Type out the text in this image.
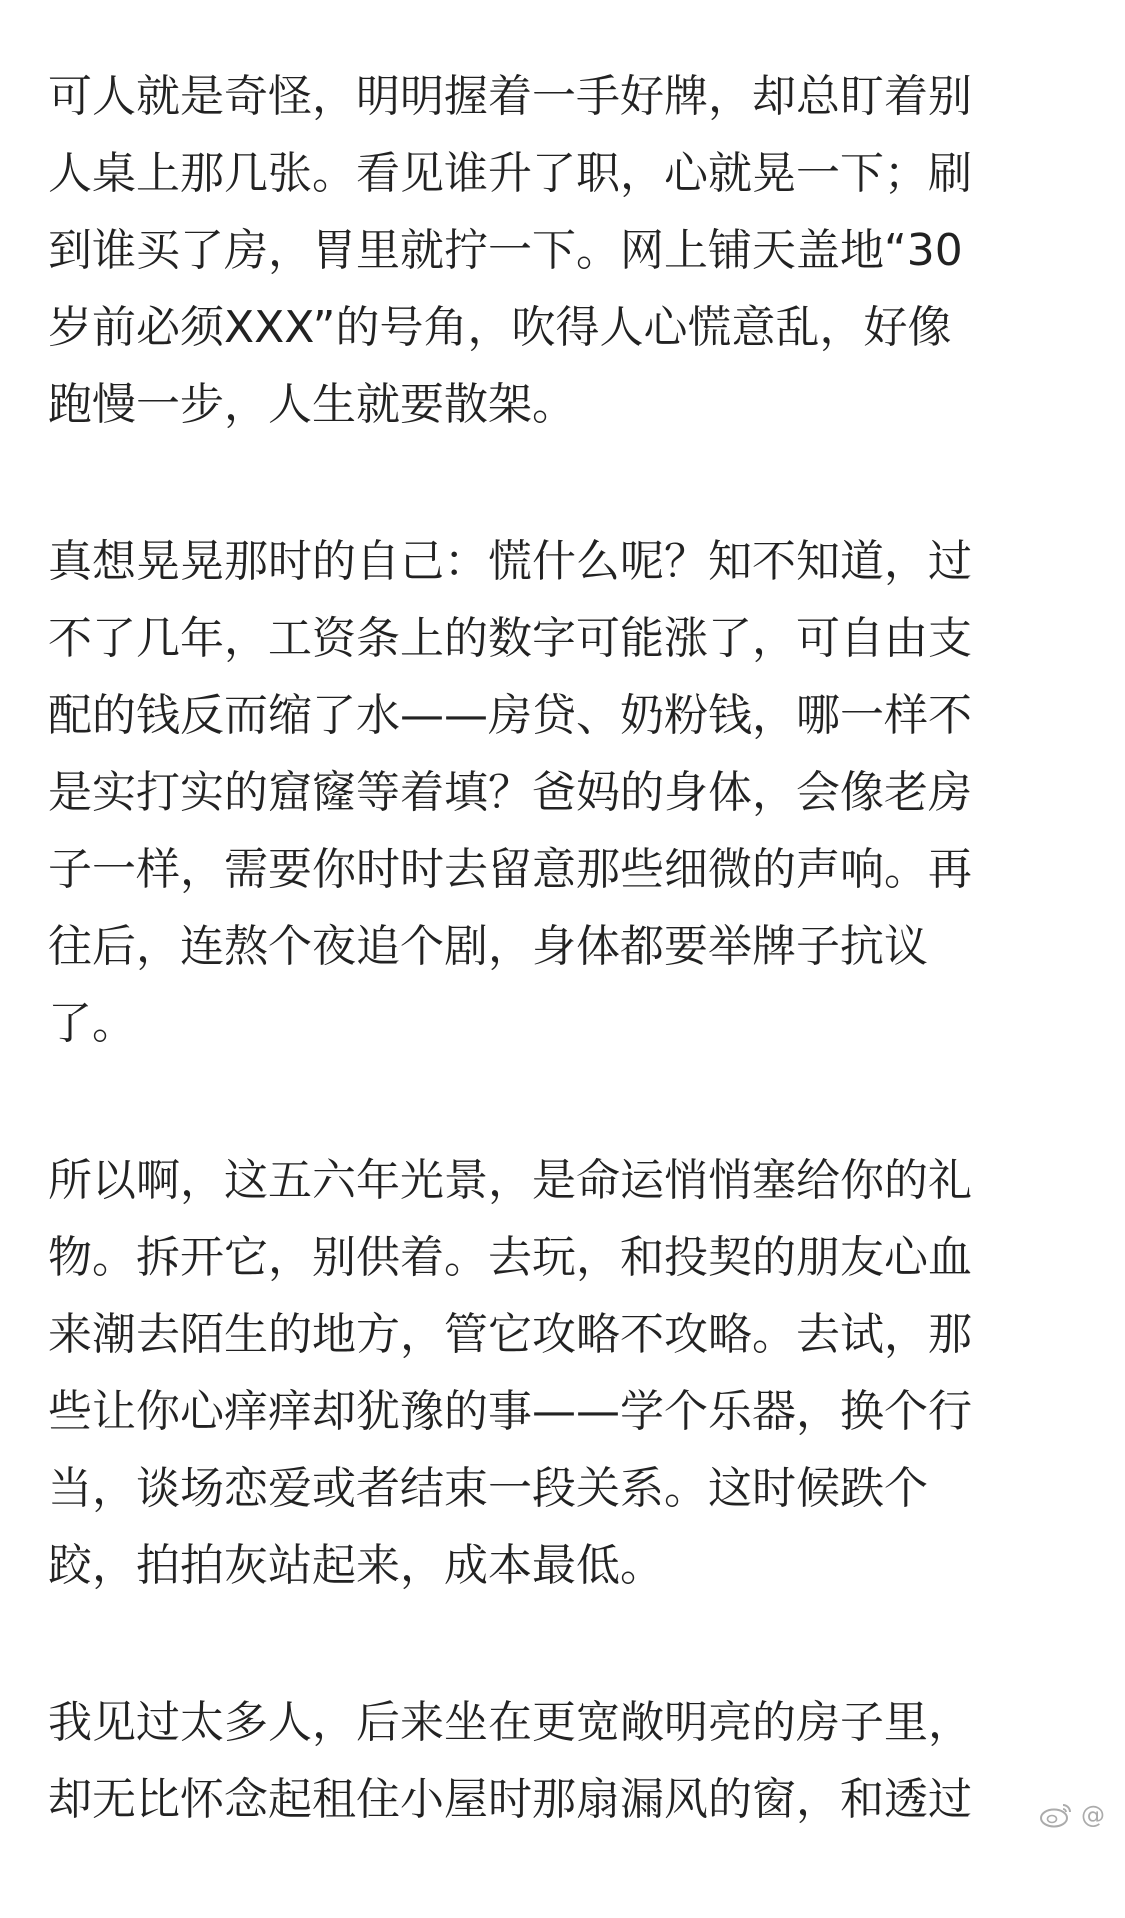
可人就是奇怪，明明握着一手好牌，却总盯着别
人桌上那几张。看见谁升了职，心就晃一下；刷
到谁买了房，胃里就拧一下。网上铺天盖地“30
岁前必须XXX”的号角，吹得人心慌意乱，好像
跑慢一步，人生就要散架。
真想晃晃那时的自己：慌什么呢？知不知道，过
不了几年，工资条上的数字可能涨了，可自由支
配的钱反而缩了水——房贷、奶粉钱，哪一样不
是实打实的窟窿等着填？爸妈的身体，会像老房
子一样，需要你时时去留意那些细微的声响。再
往后，连熬个夜追个剧，身体都要举牌子抗议
了。
所以啊，这五六年光景，是命运悄悄塞给你的礼
物。拆开它，别供着。去玩，和投契的朋友心血
来潮去陌生的地方，管它攻略不攻略。去试，那
些让你心痒痒却犹豫的事——学个乐器，换个行
当，谈场恋爱或者结束一段关系。这时候跌个
跤，拍拍灰站起来，成本最低。
我见过太多人，后来坐在更宽敞明亮的房子里，
却无比怀念起租住小屋时那扇漏风的窗，和透过	@
